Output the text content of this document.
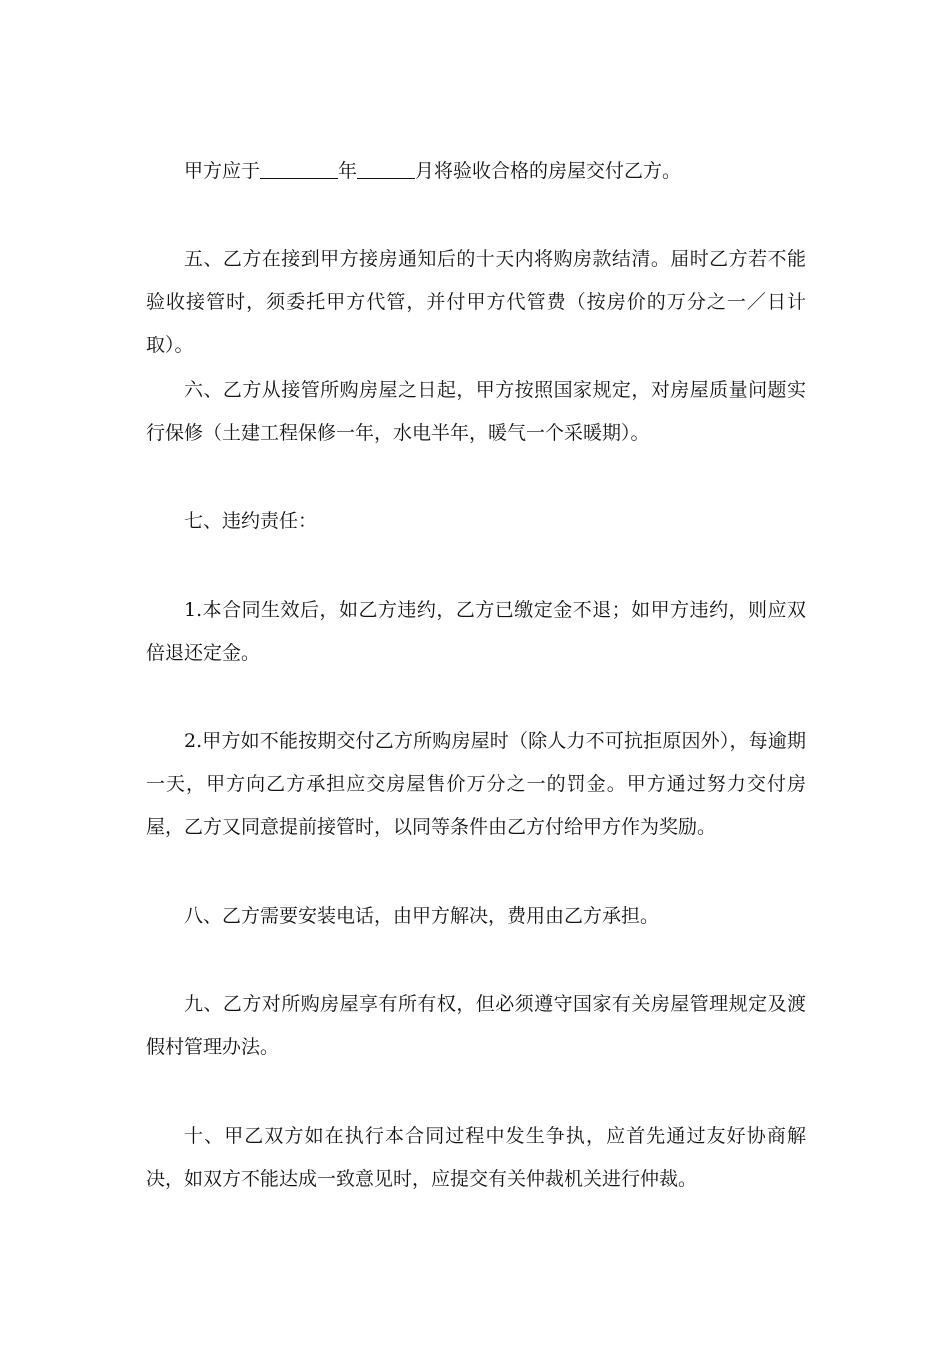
甲方应于	年	月将验收合格的房屋交付乙方。

五、乙方在接到甲方接房通知后的十天内将购房款结清。届时乙方若不能验收接管时，须委托甲方代管，并付甲方代管费（按房价的万分之一／日计取）。

六、乙方从接管所购房屋之日起，甲方按照国家规定，对房屋质量问题实行保修（土建工程保修一年，水电半年，暖气一个采暖期）。

七、违约责任：

1.本合同生效后，如乙方违约，乙方已缴定金不退；如甲方违约，则应双倍退还定金。

2.甲方如不能按期交付乙方所购房屋时（除人力不可抗拒原因外），每逾期一天，甲方向乙方承担应交房屋售价万分之一的罚金。甲方通过努力交付房屋，乙方又同意提前接管时，以同等条件由乙方付给甲方作为奖励。

八、乙方需要安装电话，由甲方解决，费用由乙方承担。

九、乙方对所购房屋享有所有权，但必须遵守国家有关房屋管理规定及渡假村管理办法。

十、甲乙双方如在执行本合同过程中发生争执，应首先通过友好协商解决，如双方不能达成一致意见时，应提交有关仲裁机关进行仲裁。
